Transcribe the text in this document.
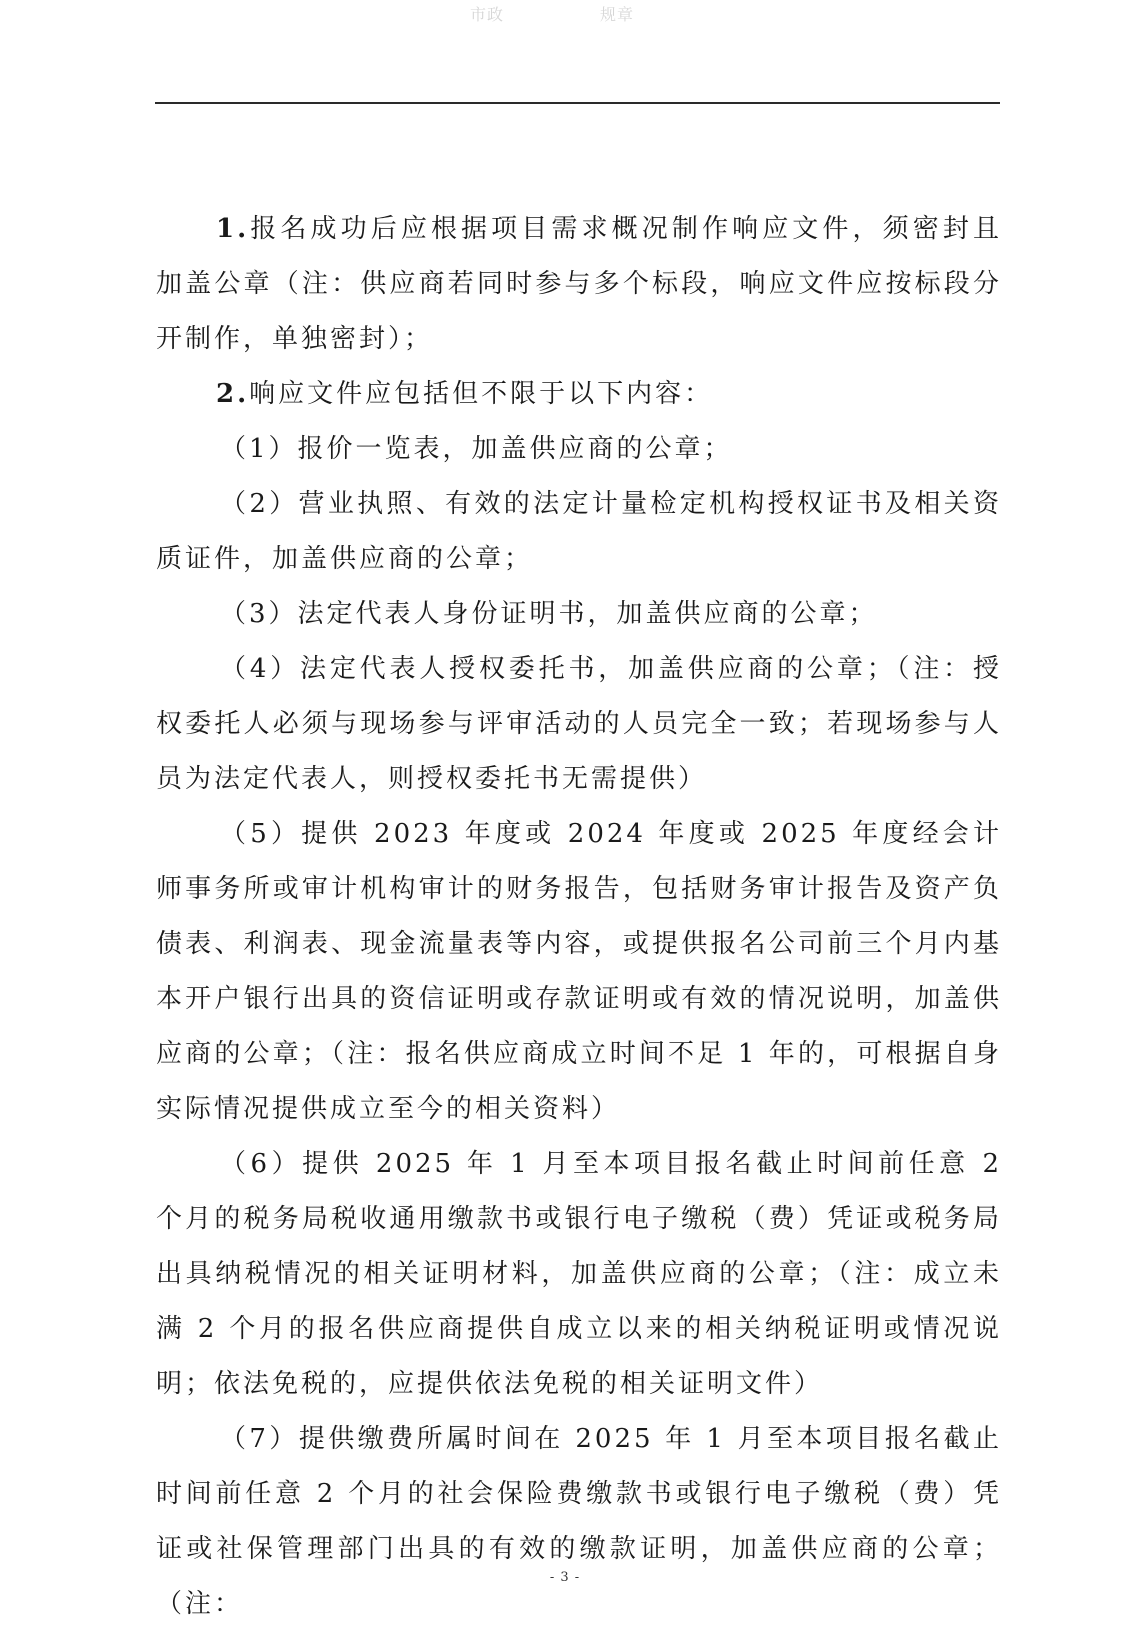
市政	规章

1.报名成功后应根据项目需求概况制作响应文件，须密封且加盖公章（注：供应商若同时参与多个标段，响应文件应按标段分开制作，单独密封）；

2.响应文件应包括但不限于以下内容：

（1）报价一览表，加盖供应商的公章；

（2）营业执照、有效的法定计量检定机构授权证书及相关资质证件，加盖供应商的公章；

（3）法定代表人身份证明书，加盖供应商的公章；

（4）法定代表人授权委托书，加盖供应商的公章；（注：授权委托人必须与现场参与评审活动的人员完全一致；若现场参与人员为法定代表人，则授权委托书无需提供）

（5）提供 2023 年度或 2024 年度或 2025 年度经会计师事务所或审计机构审计的财务报告，包括财务审计报告及资产负债表、利润表、现金流量表等内容，或提供报名公司前三个月内基本开户银行出具的资信证明或存款证明或有效的情况说明，加盖供应商的公章；（注：报名供应商成立时间不足 1 年的，可根据自身实际情况提供成立至今的相关资料）

（6）提供 2025 年 1 月至本项目报名截止时间前任意 2 个月的税务局税收通用缴款书或银行电子缴税（费）凭证或税务局出具纳税情况的相关证明材料，加盖供应商的公章；（注：成立未满 2 个月的报名供应商提供自成立以来的相关纳税证明或情况说明；依法免税的，应提供依法免税的相关证明文件）

（7）提供缴费所属时间在 2025 年 1 月至本项目报名截止时间前任意 2 个月的社会保险费缴款书或银行电子缴税（费）凭证或社保管理部门出具的有效的缴款证明，加盖供应商的公章；（注：

- 3 -
